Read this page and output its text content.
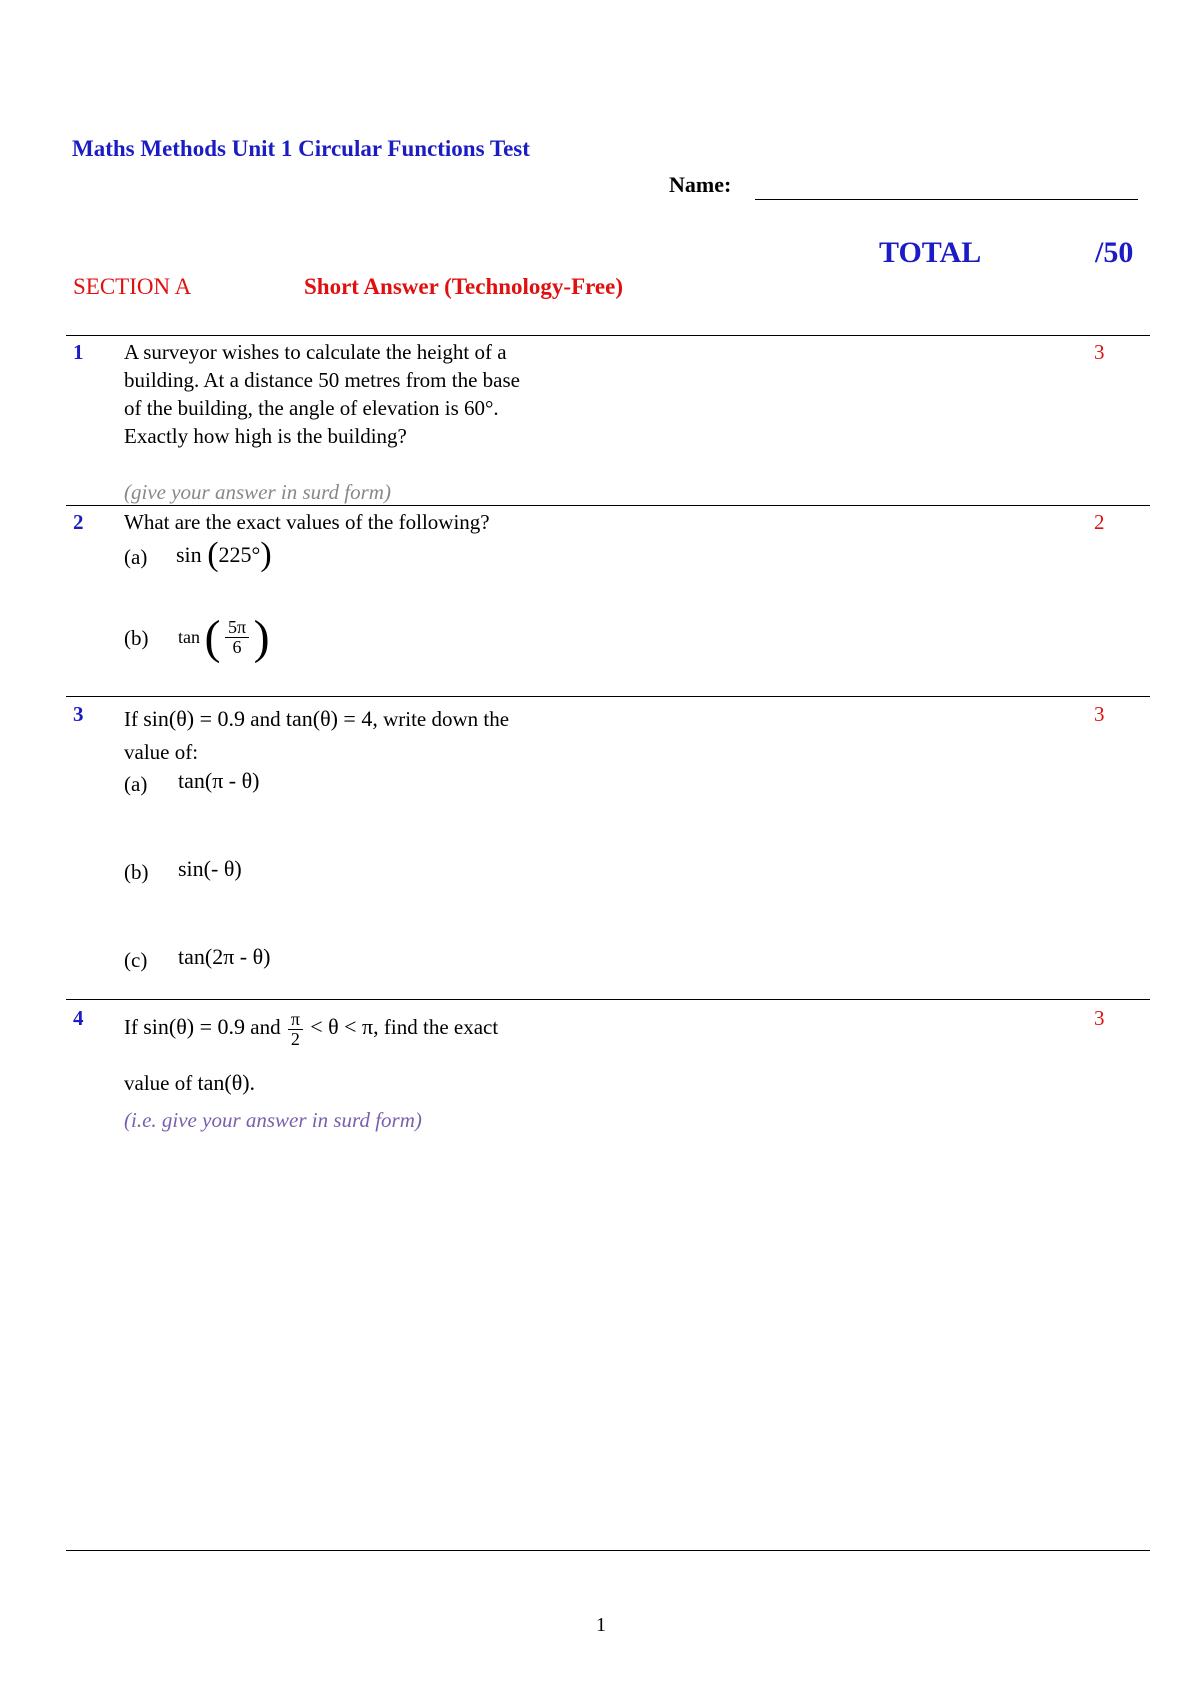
Maths Methods Unit 1 Circular Functions Test
Name:
TOTAL	/50
SECTION A	Short Answer (Technology-Free)
1	3
A surveyor wishes to calculate the height of a
building. At a distance 50 metres from the base
of the building, the angle of elevation is 60°.
Exactly how high is the building?
(give your answer in surd form)
2	2
What are the exact values of the following?
(a) sin (225°)
(b) tan ( $\frac{5\pi}{6}$ )
3	3
If sin(θ) = 0.9 and tan(θ) = 4, write down the
value of:
(a) tan(π - θ)
(b) sin(- θ)
(c) tan(2π - θ)
4	3
If sin(θ) = 0.9 and $\frac{\pi}{2} < \theta < \pi$, find the exact
value of tan(θ).
(i.e. give your answer in surd form)
1
